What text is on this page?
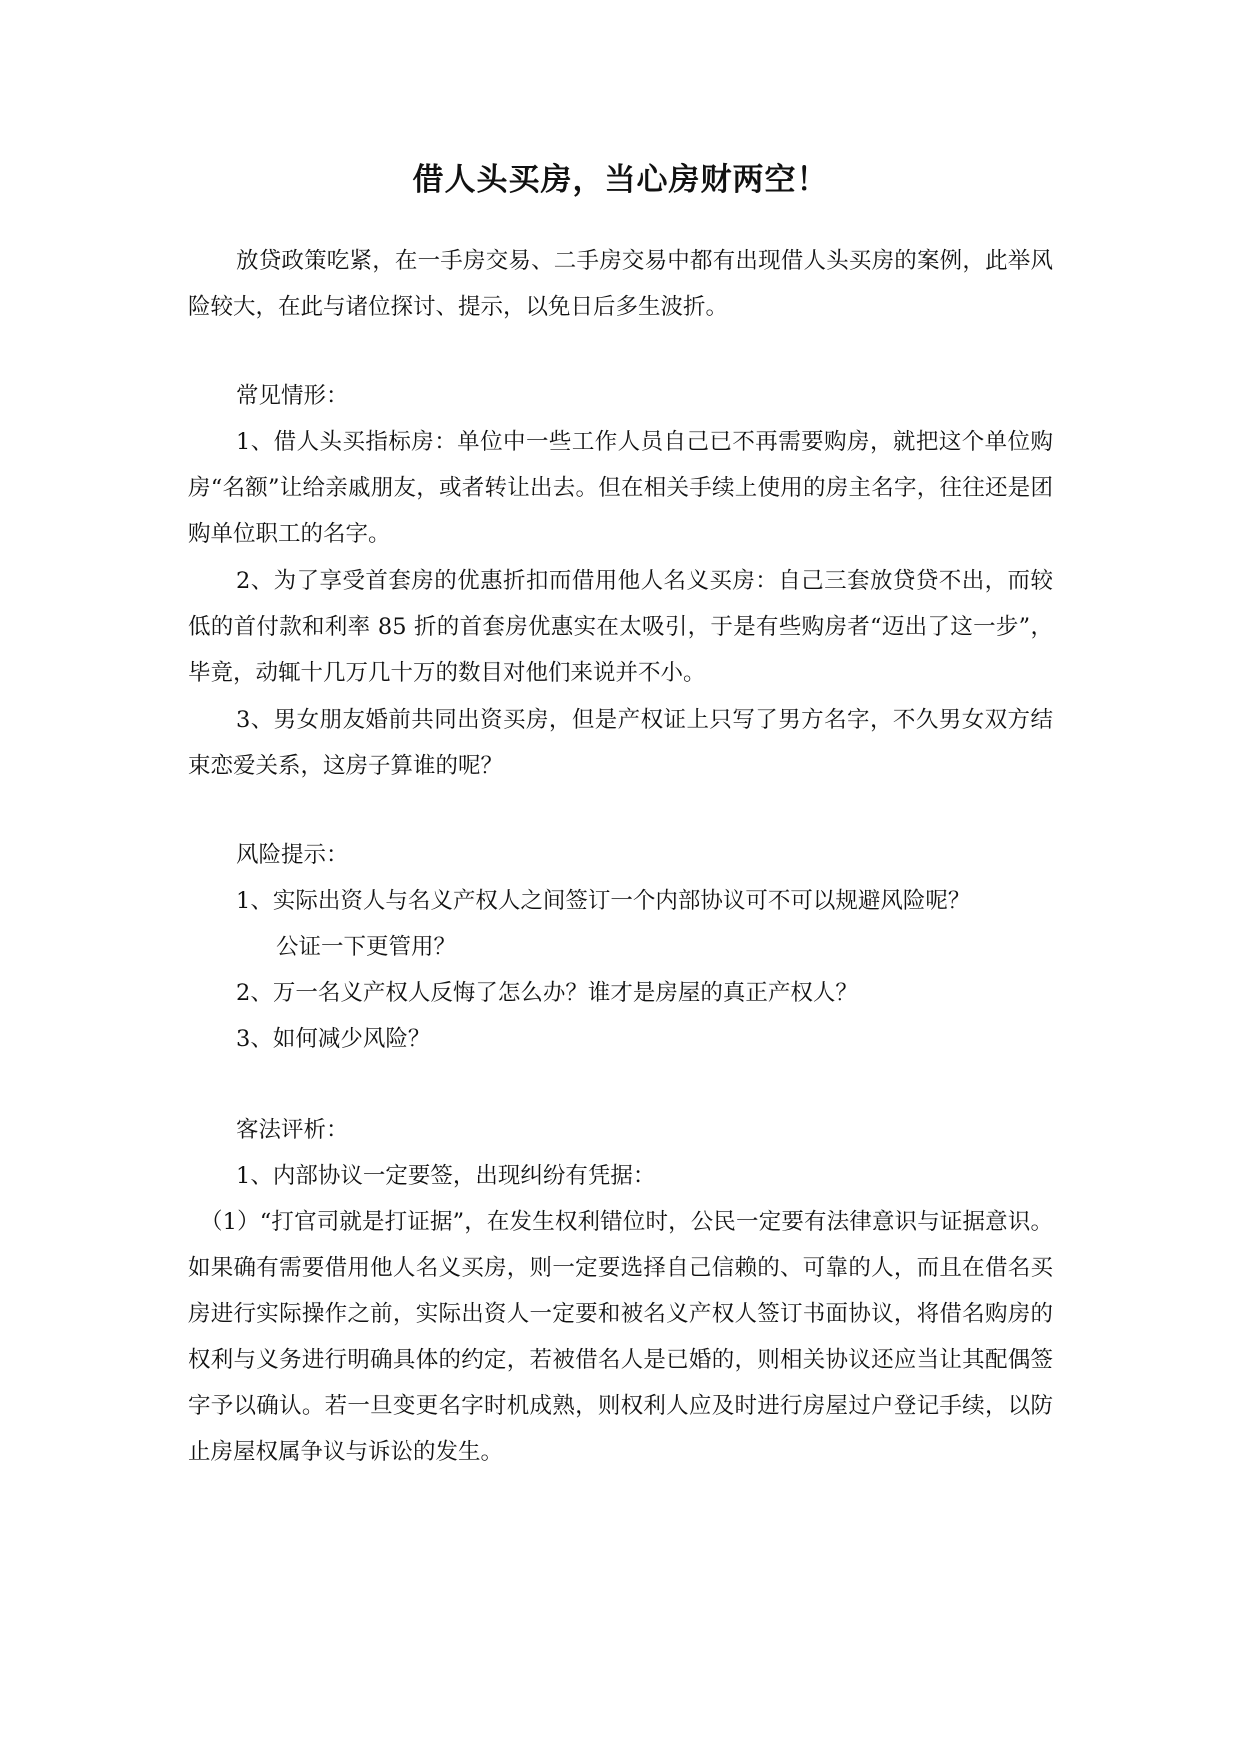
借人头买房，当心房财两空！
放贷政策吃紧，在一手房交易、二手房交易中都有出现借人头买房的案例，此举风险较大，在此与诸位探讨、提示，以免日后多生波折。
常见情形：
1、借人头买指标房：单位中一些工作人员自己已不再需要购房，就把这个单位购房“名额”让给亲戚朋友，或者转让出去。但在相关手续上使用的房主名字，往往还是团购单位职工的名字。
2、为了享受首套房的优惠折扣而借用他人名义买房：自己三套放贷贷不出，而较低的首付款和利率 85 折的首套房优惠实在太吸引，于是有些购房者“迈出了这一步”，毕竟，动辄十几万几十万的数目对他们来说并不小。
3、男女朋友婚前共同出资买房，但是产权证上只写了男方名字，不久男女双方结束恋爱关系，这房子算谁的呢？
风险提示：
1、实际出资人与名义产权人之间签订一个内部协议可不可以规避风险呢？
公证一下更管用？
2、万一名义产权人反悔了怎么办？谁才是房屋的真正产权人？
3、如何减少风险？
客法评析：
1、内部协议一定要签，出现纠纷有凭据：
（1）“打官司就是打证据”，在发生权利错位时，公民一定要有法律意识与证据意识。如果确有需要借用他人名义买房，则一定要选择自己信赖的、可靠的人，而且在借名买房进行实际操作之前，实际出资人一定要和被名义产权人签订书面协议，将借名购房的权利与义务进行明确具体的约定，若被借名人是已婚的，则相关协议还应当让其配偶签字予以确认。若一旦变更名字时机成熟，则权利人应及时进行房屋过户登记手续，以防止房屋权属争议与诉讼的发生。
